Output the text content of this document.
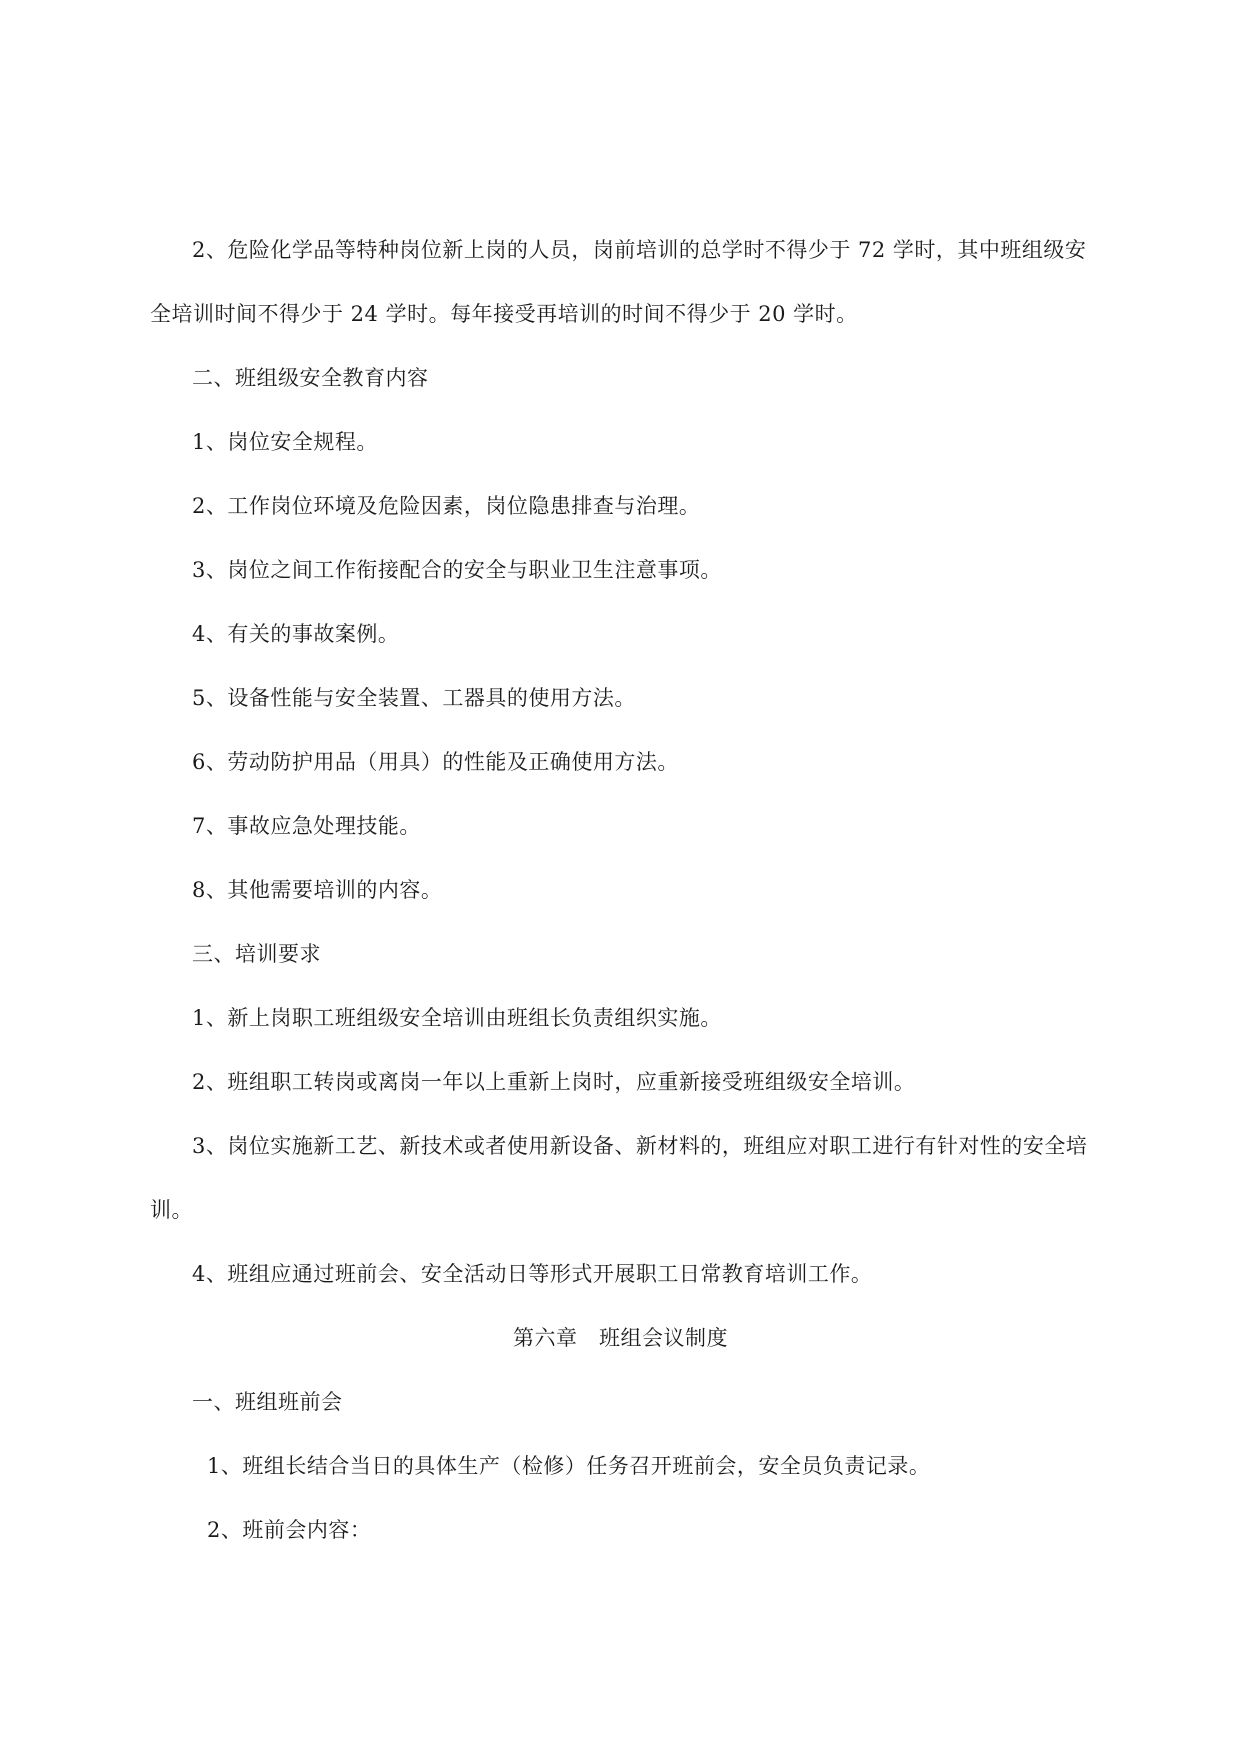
2、危险化学品等特种岗位新上岗的人员，岗前培训的总学时不得少于 72 学时，其中班组级安
全培训时间不得少于 24 学时。每年接受再培训的时间不得少于 20 学时。
二、班组级安全教育内容
1、岗位安全规程。
2、工作岗位环境及危险因素，岗位隐患排查与治理。
3、岗位之间工作衔接配合的安全与职业卫生注意事项。
4、有关的事故案例。
5、设备性能与安全装置、工器具的使用方法。
6、劳动防护用品（用具）的性能及正确使用方法。
7、事故应急处理技能。
8、其他需要培训的内容。
三、培训要求
1、新上岗职工班组级安全培训由班组长负责组织实施。
2、班组职工转岗或离岗一年以上重新上岗时，应重新接受班组级安全培训。
3、岗位实施新工艺、新技术或者使用新设备、新材料的，班组应对职工进行有针对性的安全培
训。
4、班组应通过班前会、安全活动日等形式开展职工日常教育培训工作。
第六章　班组会议制度
一、班组班前会
1、班组长结合当日的具体生产（检修）任务召开班前会，安全员负责记录。
2、班前会内容：
